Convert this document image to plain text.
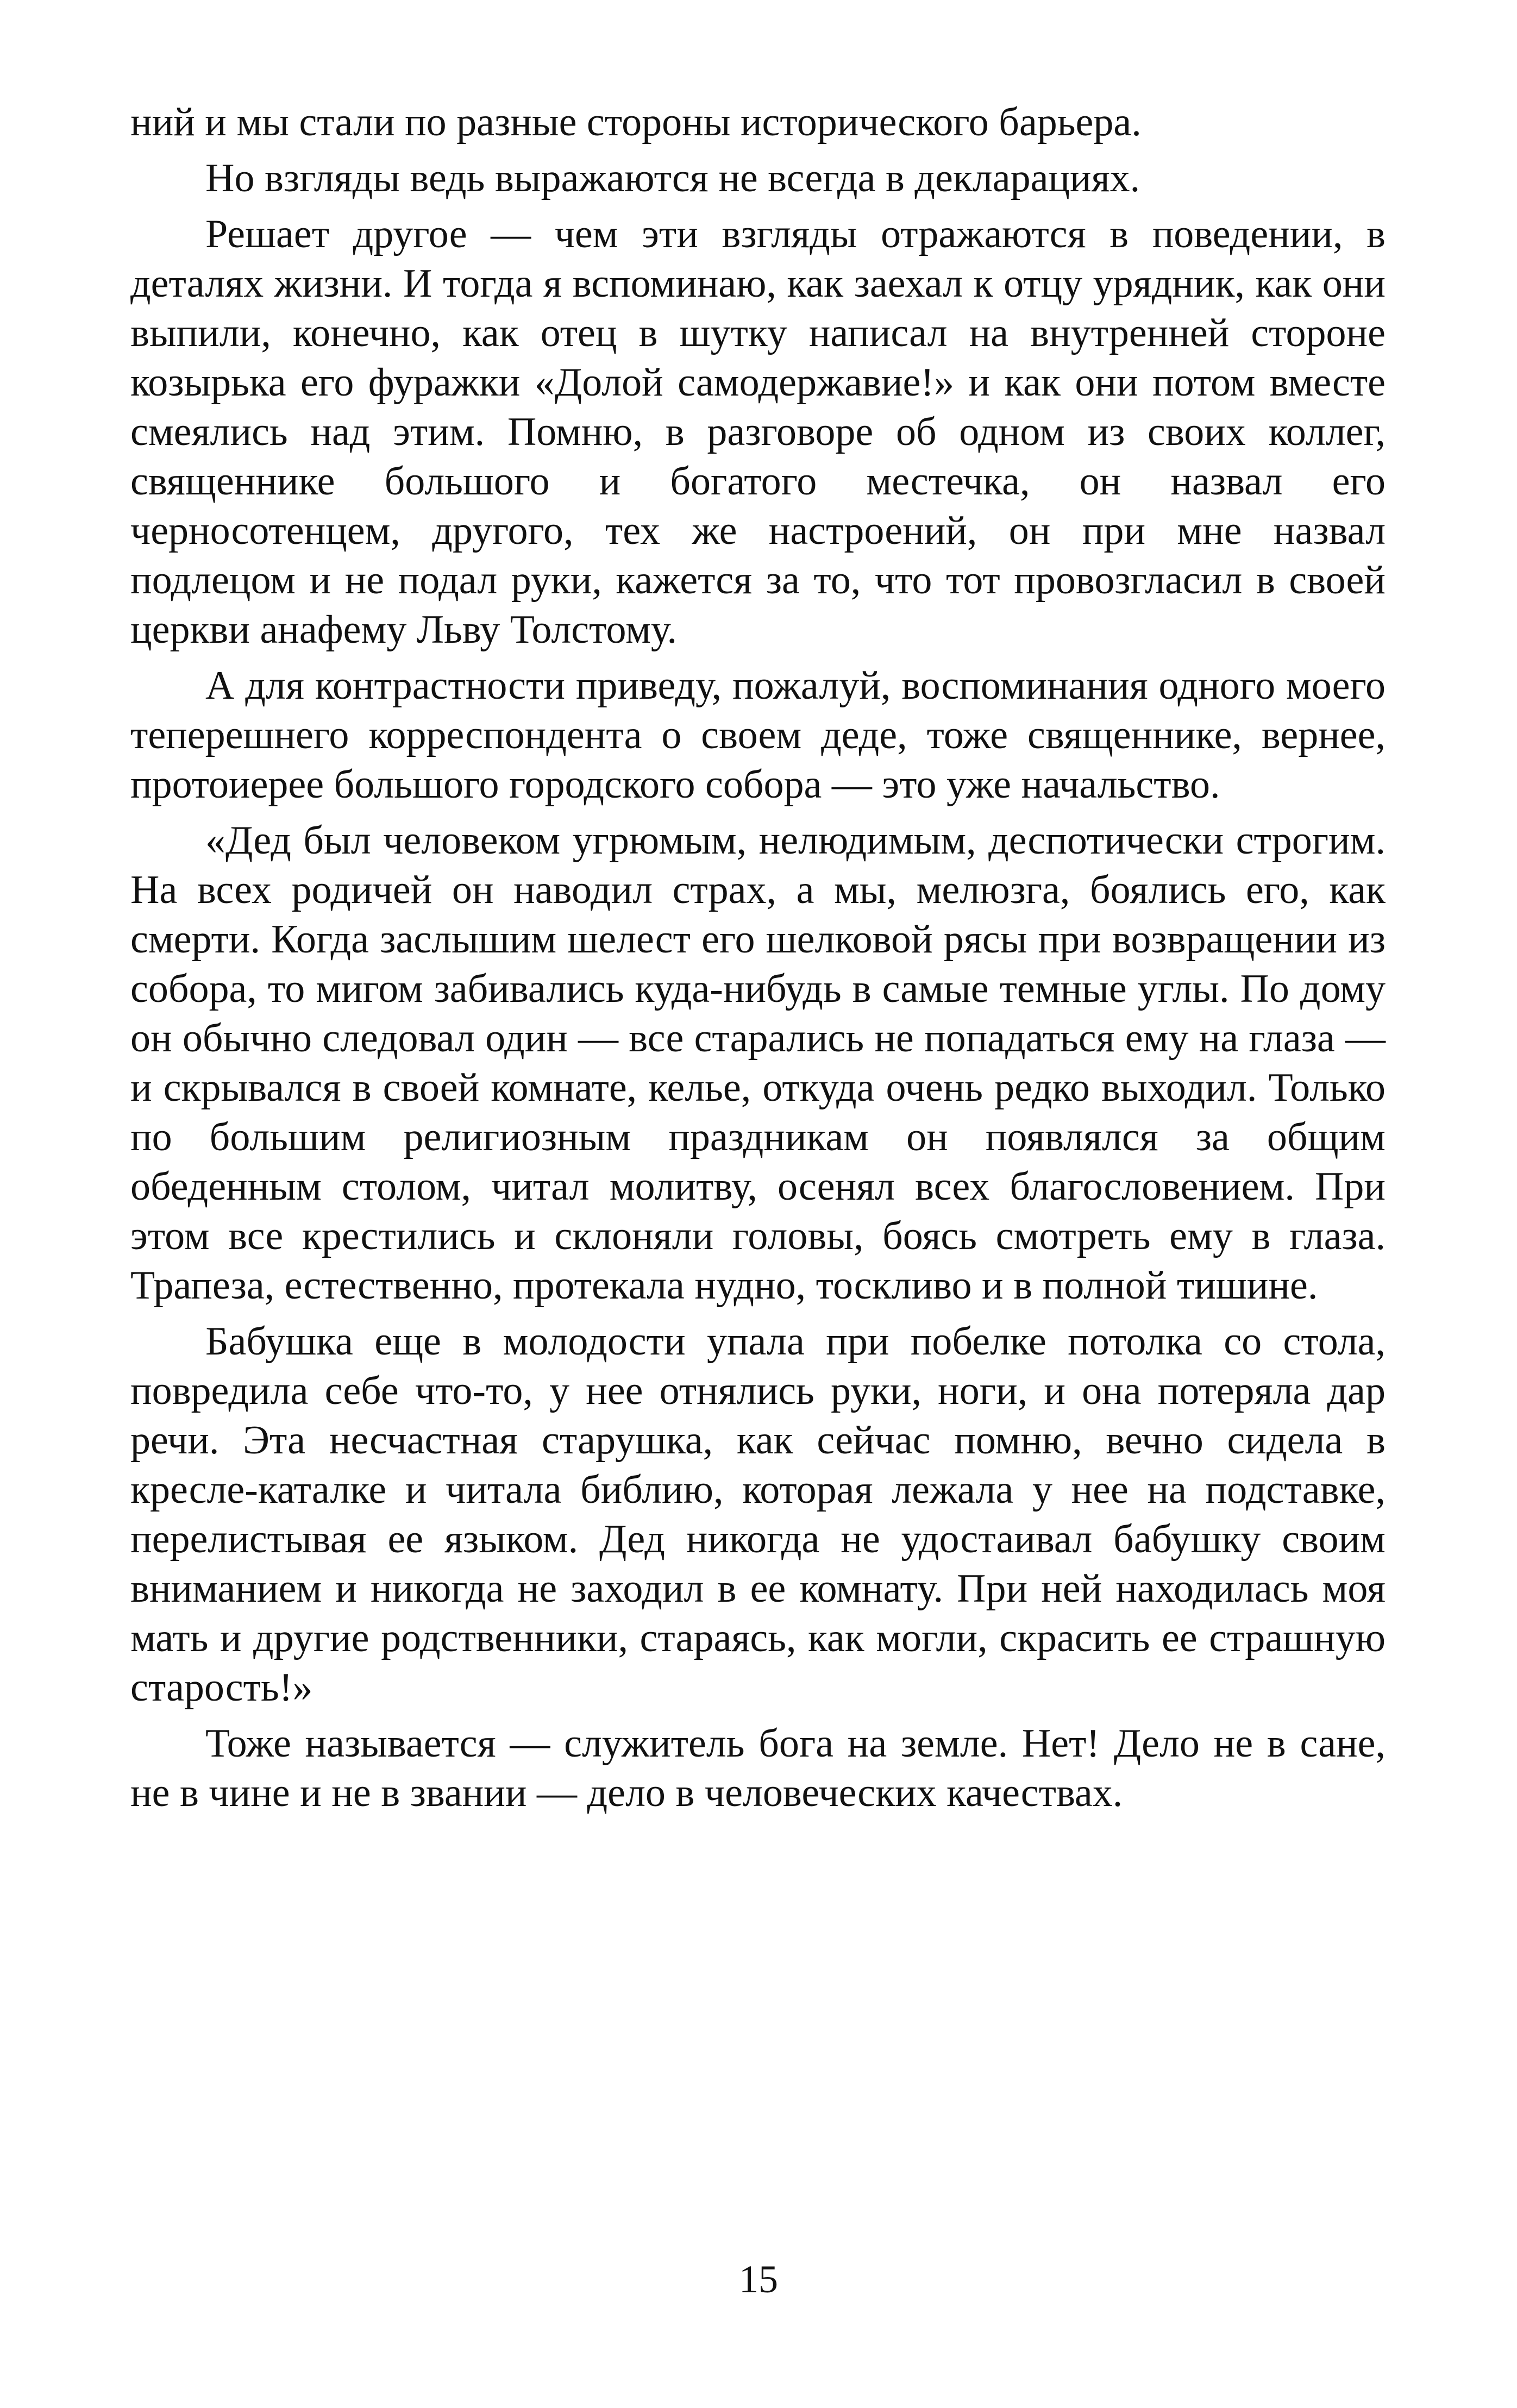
ний и мы стали по разные стороны исторического барьера.

Но взгляды ведь выражаются не всегда в декларациях.

Решает другое — чем эти взгляды отражаются в поведении, в деталях жизни. И тогда я вспоминаю, как заехал к отцу урядник, как они выпили, конечно, как отец в шутку написал на внутренней стороне козырька его фуражки «Долой самодержавие!» и как они потом вместе смеялись над этим. Помню, в разговоре об одном из своих коллег, священнике большого и богатого местечка, он назвал его черносотенцем, другого, тех же настроений, он при мне назвал подлецом и не подал руки, кажется за то, что тот провозгласил в своей церкви анафему Льву Толстому.

А для контрастности приведу, пожалуй, воспоминания одного моего теперешнего корреспондента о своем деде, тоже священнике, вернее, протоиерее большого городского собора — это уже начальство.

«Дед был человеком угрюмым, нелюдимым, деспотически строгим. На всех родичей он наводил страх, а мы, мелюзга, боялись его, как смерти. Когда заслышим шелест его шелковой рясы при возвращении из собора, то мигом забивались куда-нибудь в самые темные углы. По дому он обычно следовал один — все старались не попадаться ему на глаза — и скрывался в своей комнате, келье, откуда очень редко выходил. Только по большим религиозным праздникам он появлялся за общим обеденным столом, читал молитву, осенял всех благословением. При этом все крестились и склоняли головы, боясь смотреть ему в глаза. Трапеза, естественно, протекала нудно, тоскливо и в полной тишине.

Бабушка еще в молодости упала при побелке потолка со стола, повредила себе что-то, у нее отнялись руки, ноги, и она потеряла дар речи. Эта несчастная старушка, как сейчас помню, вечно сидела в кресле-каталке и читала библию, которая лежала у нее на подставке, перелистывая ее языком. Дед никогда не удостаивал бабушку своим вниманием и никогда не заходил в ее комнату. При ней находилась моя мать и другие родственники, стараясь, как могли, скрасить ее страшную старость!»

Тоже называется — служитель бога на земле. Нет! Дело не в сане, не в чине и не в звании — дело в человеческих качествах.

15
